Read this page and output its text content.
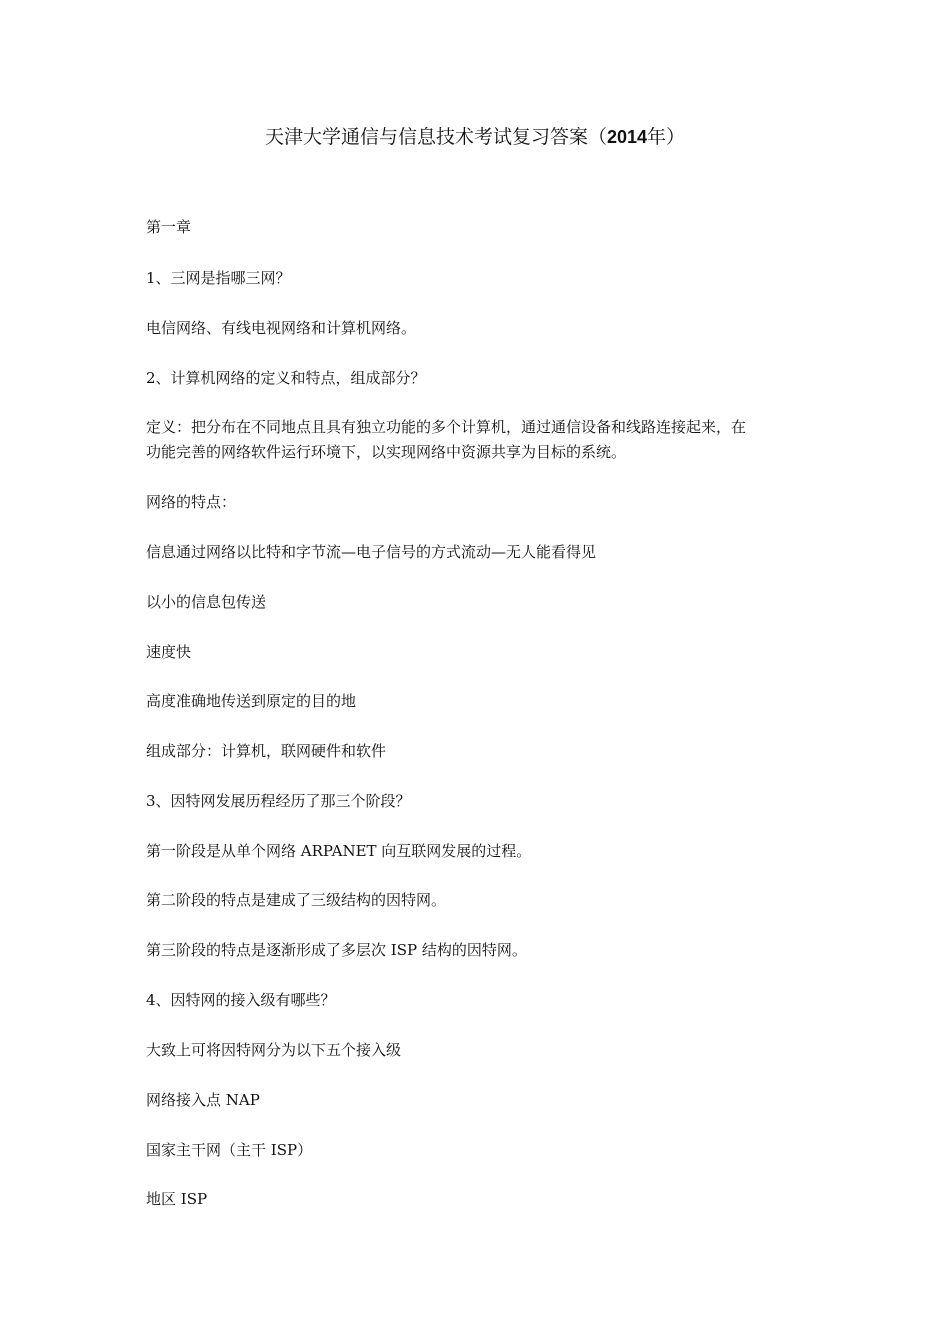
天津大学通信与信息技术考试复习答案（2014年）
第一章
1、三网是指哪三网？
电信网络、有线电视网络和计算机网络。
2、计算机网络的定义和特点，组成部分？
定义：把分布在不同地点且具有独立功能的多个计算机，通过通信设备和线路连接起来，在
功能完善的网络软件运行环境下，以实现网络中资源共享为目标的系统。
网络的特点：
信息通过网络以比特和字节流—电子信号的方式流动—无人能看得见
以小的信息包传送
速度快
高度准确地传送到原定的目的地
组成部分：计算机，联网硬件和软件
3、因特网发展历程经历了那三个阶段？
第一阶段是从单个网络 ARPANET 向互联网发展的过程。
第二阶段的特点是建成了三级结构的因特网。
第三阶段的特点是逐渐形成了多层次 ISP 结构的因特网。
4、因特网的接入级有哪些？
大致上可将因特网分为以下五个接入级
网络接入点 NAP
国家主干网（主干 ISP）
地区 ISP
